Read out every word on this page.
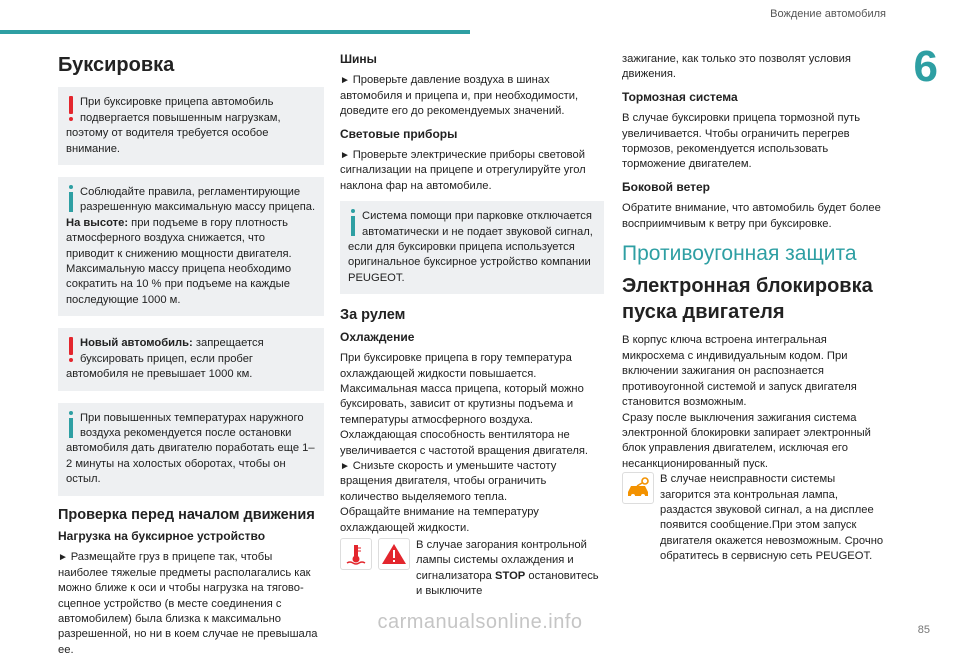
Вождение автомобиля
6
Буксировка

При буксировке прицепа автомобиль подвергается повышенным нагрузкам, поэтому от водителя требуется особое внимание.

Соблюдайте правила, регламентирующие разрешенную максимальную массу прицепа.
На высоте: при подъеме в гору плотность атмосферного воздуха снижается, что приводит к снижению мощности двигателя. Максимальную массу прицепа необходимо сократить на 10 % при подъеме на каждые последующие 1000 м.

Новый автомобиль: запрещается буксировать прицеп, если пробег автомобиля не превышает 1000 км.

При повышенных температурах наружного воздуха рекомендуется после остановки автомобиля дать двигателю поработать еще 1–2 минуты на холостых оборотах, чтобы он остыл.

Проверка перед началом движения
Нагрузка на буксирное устройство

► Размещайте груз в прицепе так, чтобы наиболее тяжелые предметы располагались как можно ближе к оси и чтобы нагрузка на тягово-сцепное устройство (в месте соединения с автомобилем) была близка к максимально разрешенной, но ни в коем случае не превышала ее.

Шины

► Проверьте давление воздуха в шинах автомобиля и прицепа и, при необходимости, доведите его до рекомендуемых значений.

Световые приборы

► Проверьте электрические приборы световой сигнализации на прицепе и отрегулируйте угол наклона фар на автомобиле.

Система помощи при парковке отключается автоматически и не подает звуковой сигнал, если для буксировки прицепа используется оригинальное буксирное устройство компании PEUGEOT.

За рулем
Охлаждение

При буксировке прицепа в гору температура охлаждающей жидкости повышается. Максимальная масса прицепа, который можно буксировать, зависит от крутизны подъема и температуры атмосферного воздуха. Охлаждающая способность вентилятора не увеличивается с частотой вращения двигателя.

► Снизьте скорость и уменьшите частоту вращения двигателя, чтобы ограничить количество выделяемого тепла.

Обращайте внимание на температуру охлаждающей жидкости.

В случае загорания контрольной лампы системы охлаждения и сигнализатора STOP остановитесь и выключите

зажигание, как только это позволят условия движения.

Тормозная система

В случае буксировки прицепа тормозной путь увеличивается. Чтобы ограничить перегрев тормозов, рекомендуется использовать торможение двигателем.

Боковой ветер

Обратите внимание, что автомобиль будет более восприимчивым к ветру при буксировке.

Противоугонная защита
Электронная блокировка пуска двигателя

В корпус ключа встроена интегральная микросхема с индивидуальным кодом. При включении зажигания он распознается противоугонной системой и запуск двигателя становится возможным.

Сразу после выключения зажигания система электронной блокировки запирает электронный блок управления двигателем, исключая его несанкционированный пуск.

В случае неисправности системы загорится эта контрольная лампа, раздастся звуковой сигнал, а на дисплее появится сообщение.При этом запуск двигателя окажется невозможным. Срочно обратитесь в сервисную сеть PEUGEOT.

carmanualsonline.info	85
